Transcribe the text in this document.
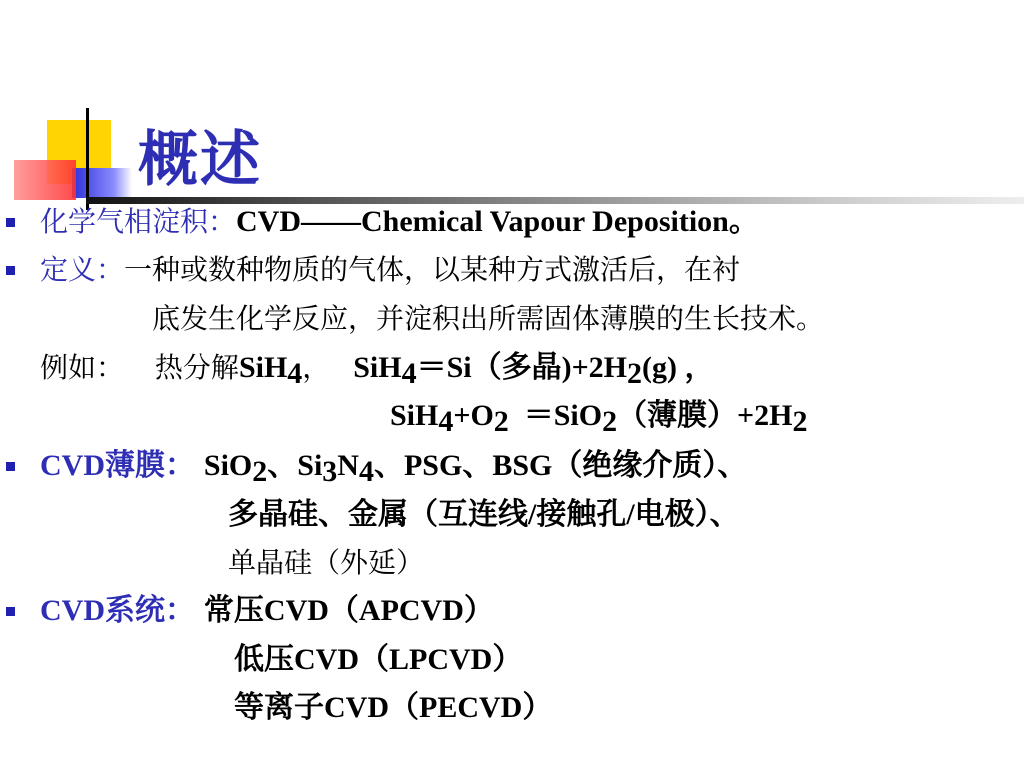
概述
化学气相淀积：CVD——Chemical Vapour Deposition。
定义：一种或数种物质的气体，以某种方式激活后，在衬
底发生化学反应，并淀积出所需固体薄膜的生长技术。
例如： 热分解SiH$_4$， SiH$_4$＝Si（多晶)$+2H_2(g)$ ，
$SiH_4+O_2 =SiO_2$（薄膜）$+2H_2$
CVD薄膜： SiO$_2$、$Si_3N_4$、PSG、BSG（绝缘介质）、
多晶硅、金属（互连线/接触孔/电极）、
单晶硅（外延）
CVD系统： 常压CVD（APCVD）
低压CVD（LPCVD）
等离子CVD（PECVD）
